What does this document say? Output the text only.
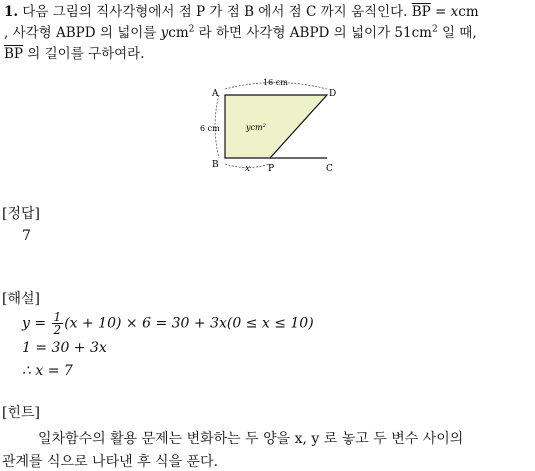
1. 다음 그림의 직사각형에서 점 P 가 점 B 에서 점 C 까지 움직인다. $\overline{BP}$ = xcm
, 사각형 ABPD 의 넓이를 ycm$^2$ 라 하면 사각형 ABPD 의 넓이가 $51cm^2$ 일 때,
$\overline{BP}$ 의 길이를 구하여라.
A	D
B	P	C
16 cm
6 cm
x
ycm$^2$
[정답]
7
[해설]
$y = \frac{1}{2} (x + 10) \times 6 = 30 + 3x(0 \le x \le 10)$
1 = 30 + 3x
∴ x = 7
[힌트]
일차함수의 활용 문제는 변화하는 두 양을 x, y 로 놓고 두 변수 사이의
관계를 식으로 나타낸 후 식을 푼다.
